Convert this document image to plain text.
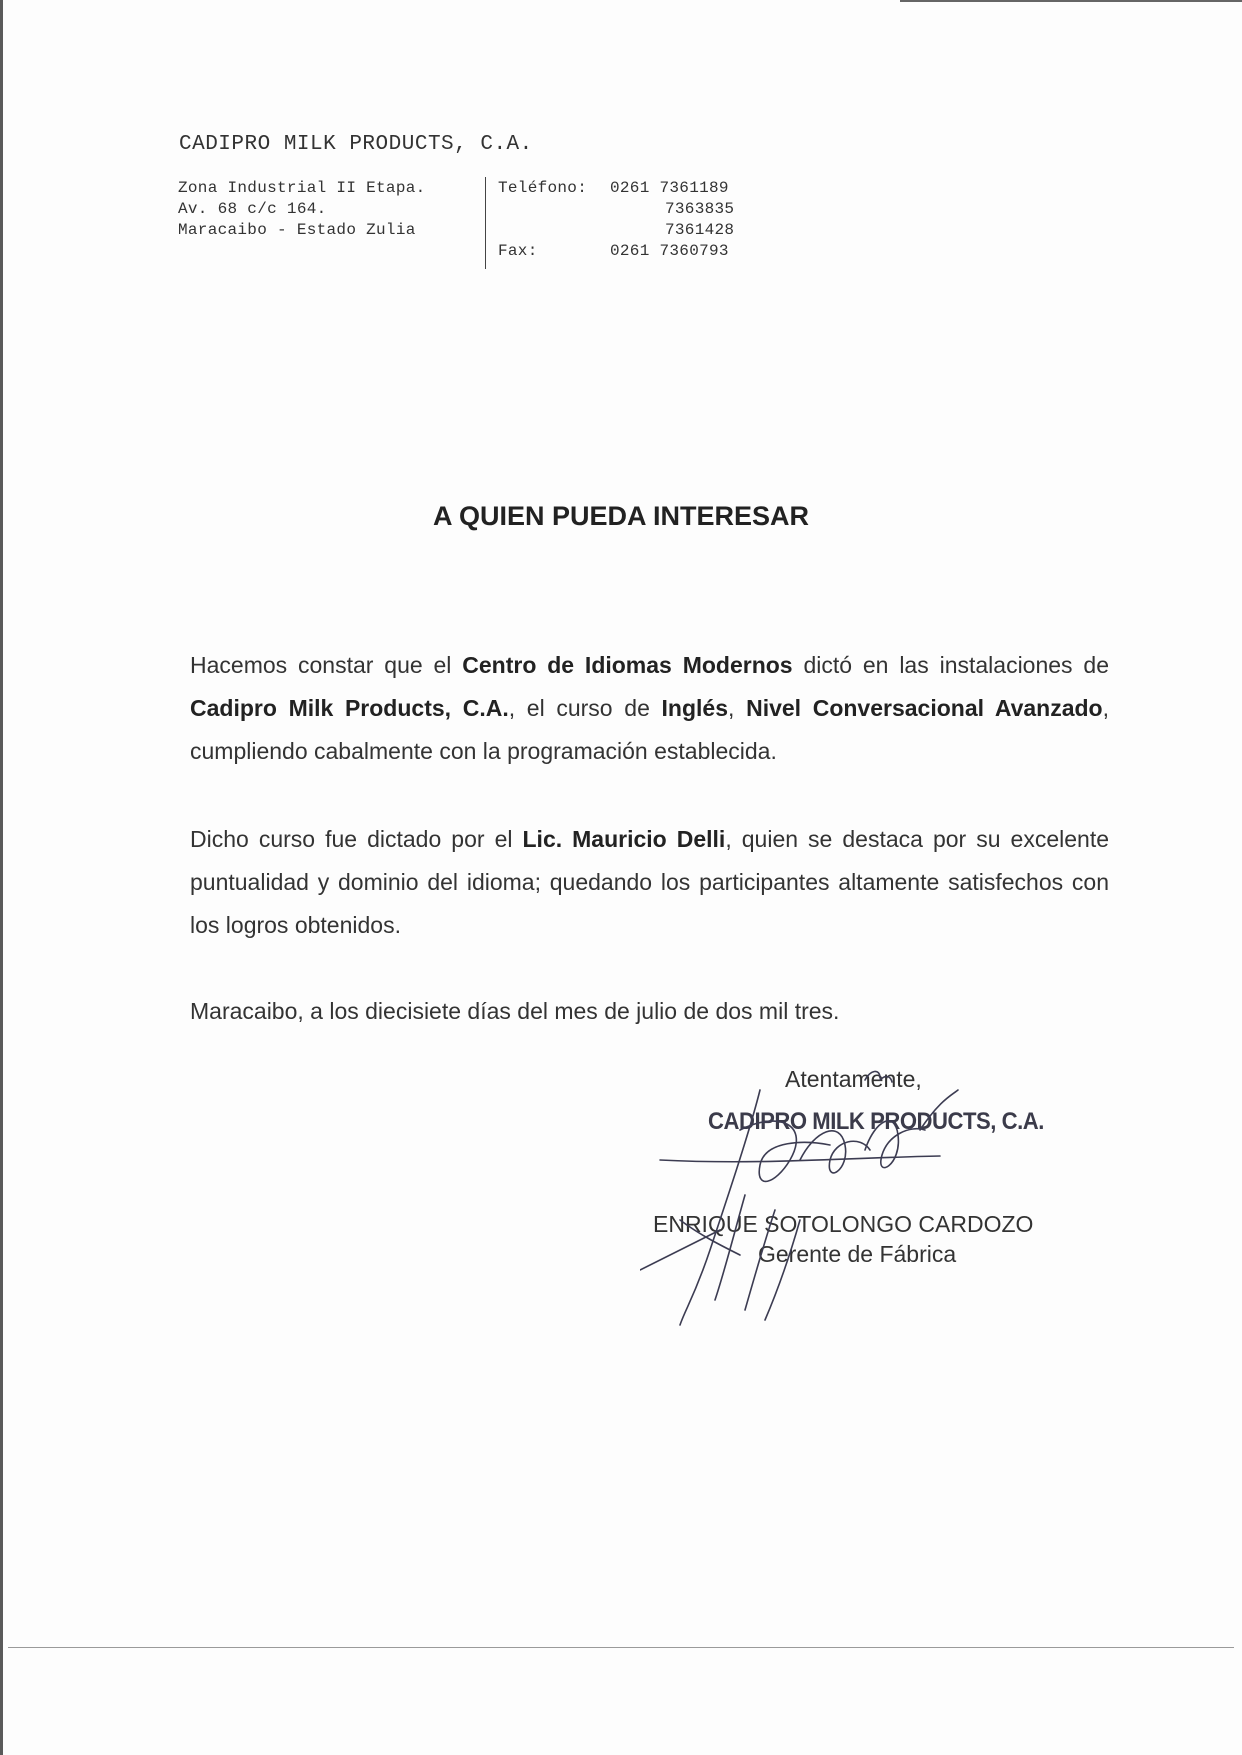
CADIPRO MILK PRODUCTS, C.A.
Zona Industrial II Etapa.
Av. 68 c/c 164.
Maracaibo - Estado Zulia
Teléfono: 0261 7361189
7363835
7361428
Fax:	0261 7360793
A QUIEN PUEDA INTERESAR
Hacemos constar que el Centro de Idiomas Modernos dictó en las instalaciones de Cadipro Milk Products, C.A., el curso de Inglés, Nivel Conversacional Avanzado, cumpliendo cabalmente con la programación establecida.
Dicho curso fue dictado por el Lic. Mauricio Delli, quien se destaca por su excelente puntualidad y dominio del idioma; quedando los participantes altamente satisfechos con los logros obtenidos.
Maracaibo, a los diecisiete días del mes de julio de dos mil tres.
Atentamente,
CADIPRO MILK PRODUCTS, C.A.
ENRIQUE SOTOLONGO CARDOZO
Gerente de Fábrica
